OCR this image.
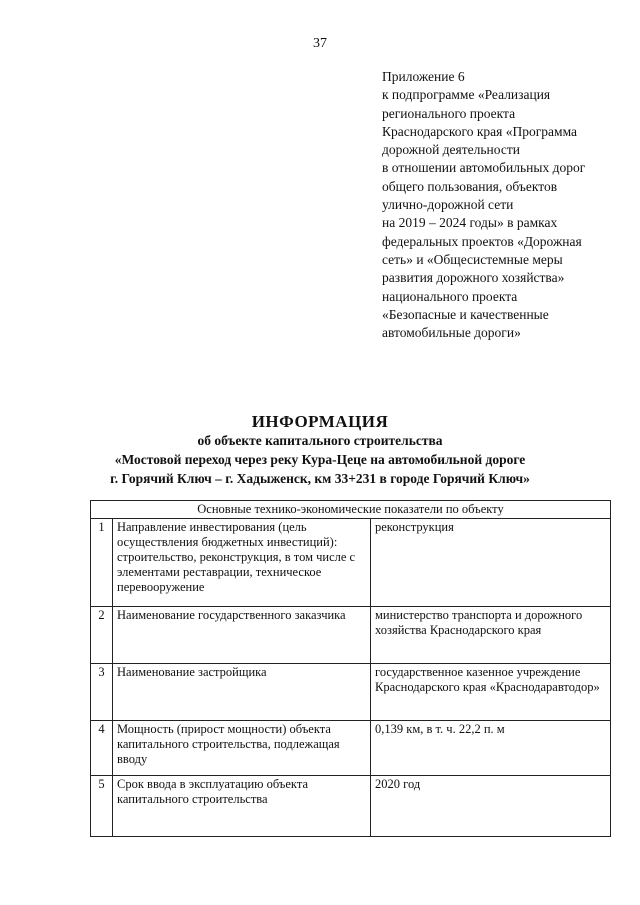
37
Приложение 6
к подпрограмме «Реализация
регионального проекта
Краснодарского края «Программа
дорожной деятельности
в отношении автомобильных дорог
общего пользования, объектов
улично-дорожной сети
на 2019 – 2024 годы» в рамках
федеральных проектов «Дорожная
сеть» и «Общесистемные меры
развития дорожного хозяйства»
национального проекта
«Безопасные и качественные
автомобильные дороги»
ИНФОРМАЦИЯ
об объекте капитального строительства
«Мостовой переход через реку Кура-Цеце на автомобильной дороге
г. Горячий Ключ – г. Хадыженск, км 33+231 в городе Горячий Ключ»
Основные технико-экономические показатели по объекту		
1	Направление инвестирования (цель осуществления бюджетных инвестиций): строительство, реконструкция, в том числе с элементами реставрации, техническое перевооружение	реконструкция
2	Наименование государственного заказчика	министерство транспорта и дорожного хозяйства Краснодарского края
3	Наименование застройщика	государственное казенное учреждение Краснодарского края «Краснодаравтодор»
4	Мощность (прирост мощности) объекта капитального строительства, подлежащая вводу	0,139 км, в т. ч. 22,2 п. м
5	Срок ввода в эксплуатацию объекта капитального строительства	2020 год
